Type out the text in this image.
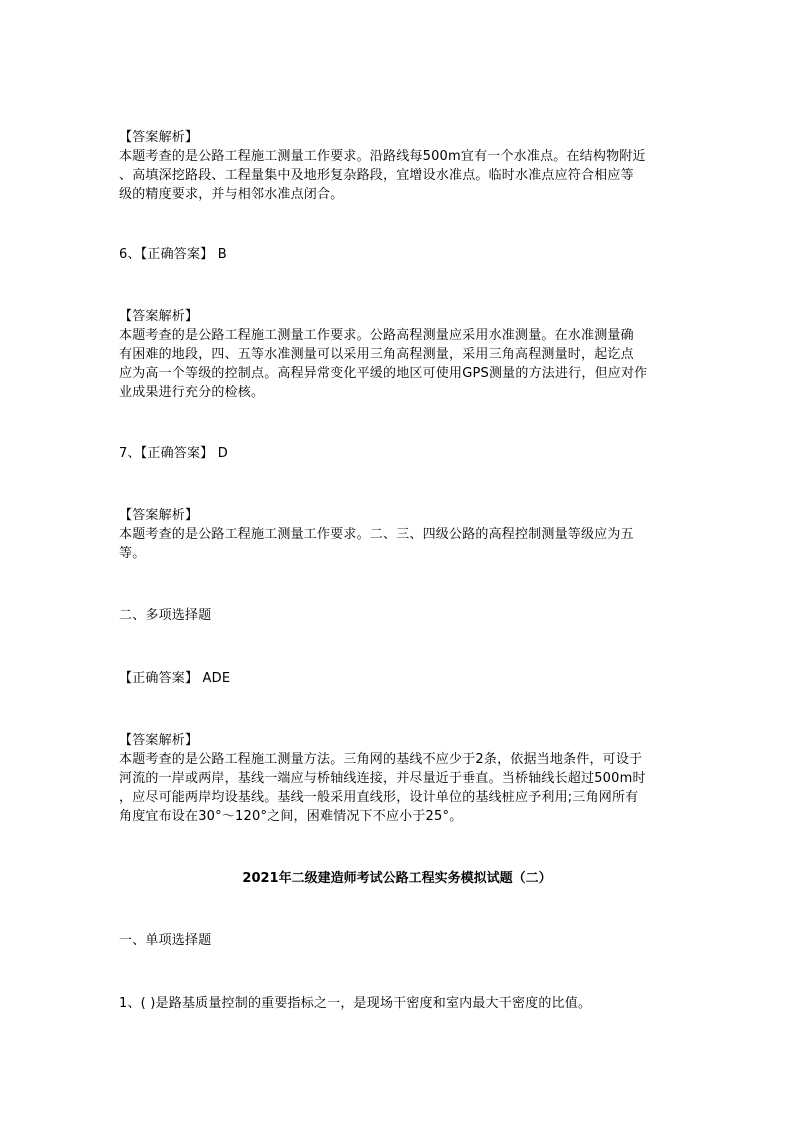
【答案解析】
本题考查的是公路工程施工测量工作要求。沿路线每500m宜有一个水准点。在结构物附近
、高填深挖路段、工程量集中及地形复杂路段，宜增设水准点。临时水准点应符合相应等
级的精度要求，并与相邻水准点闭合。
6、【正确答案】 B
【答案解析】
本题考查的是公路工程施工测量工作要求。公路高程测量应采用水准测量。在水准测量确
有困难的地段，四、五等水准测量可以采用三角高程测量，采用三角高程测量时，起讫点
应为高一个等级的控制点。高程异常变化平缓的地区可使用GPS测量的方法进行，但应对作
业成果进行充分的检核。
7、【正确答案】 D
【答案解析】
本题考查的是公路工程施工测量工作要求。二、三、四级公路的高程控制测量等级应为五
等。
二、多项选择题
【正确答案】 ADE
【答案解析】
本题考查的是公路工程施工测量方法。三角网的基线不应少于2条，依据当地条件，可设于
河流的一岸或两岸，基线一端应与桥轴线连接，并尽量近于垂直。当桥轴线长超过500m时
，应尽可能两岸均设基线。基线一般采用直线形，设计单位的基线桩应予利用;三角网所有
角度宜布设在30°～120°之间，困难情况下不应小于25°。
2021年二级建造师考试公路工程实务模拟试题（二）
一、单项选择题
1、( )是路基质量控制的重要指标之一，是现场干密度和室内最大干密度的比值。
